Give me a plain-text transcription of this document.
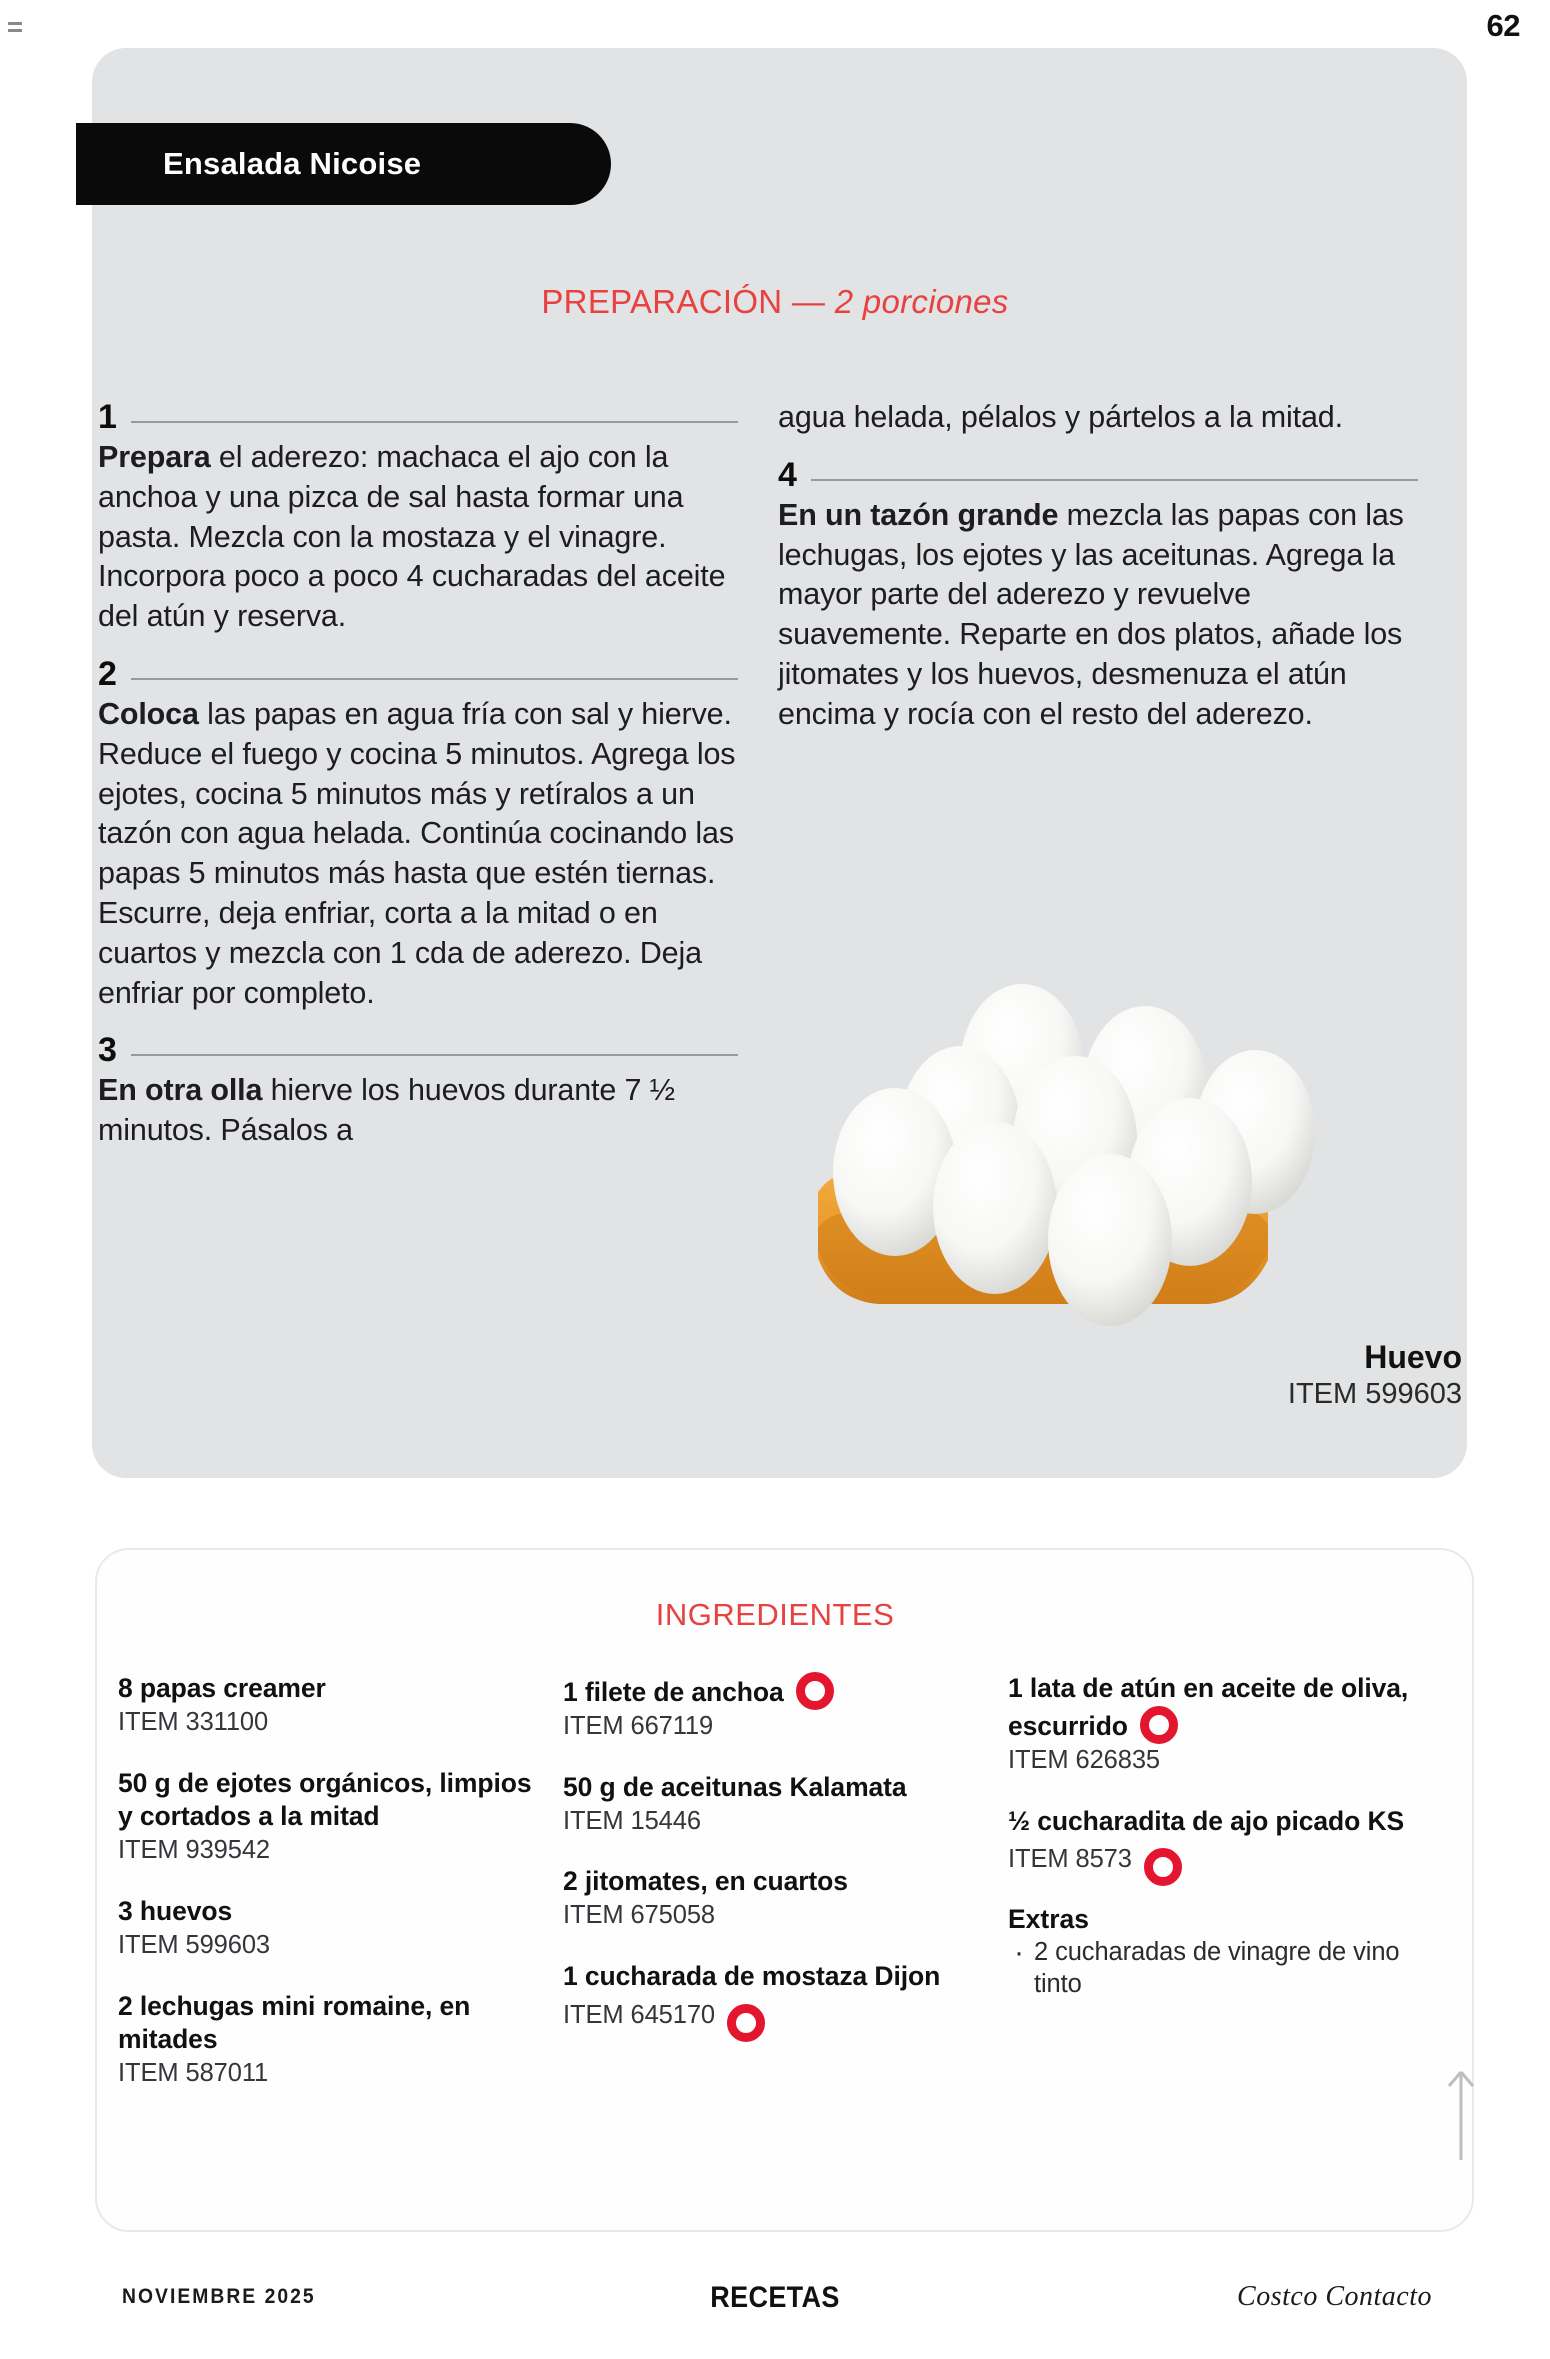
62
Ensalada Nicoise
PREPARACIÓN — 2 porciones
1

Prepara el aderezo: machaca el ajo con la anchoa y una pizca de sal hasta formar una pasta. Mezcla con la mostaza y el vinagre. Incorpora poco a poco 4 cucharadas del aceite del atún y reserva.

2

Coloca las papas en agua fría con sal y hierve. Reduce el fuego y cocina 5 minutos. Agrega los ejotes, cocina 5 minutos más y retíralos a un tazón con agua helada. Continúa cocinando las papas 5 minutos más hasta que estén tiernas. Escurre, deja enfriar, corta a la mitad o en cuartos y mezcla con 1 cda de aderezo. Deja enfriar por completo.

3

En otra olla hierve los huevos durante 7 ½ minutos. Pásalos a

agua helada, pélalos y pártelos a la mitad.

4

En un tazón grande mezcla las papas con las lechugas, los ejotes y las aceitunas. Agrega la mayor parte del aderezo y revuelve suavemente. Reparte en dos platos, añade los jitomates y los huevos, desmenuza el atún encima y rocía con el resto del aderezo.

Huevo
ITEM 599603
INGREDIENTES
8 papas creamer
ITEM 331100
50 g de ejotes orgánicos, limpios y cortados a la mitad
ITEM 939542
3 huevos
ITEM 599603
2 lechugas mini romaine, en mitades
ITEM 587011
1 filete de anchoa
ITEM 667119
50 g de aceitunas Kalamata
ITEM 15446
2 jitomates, en cuartos
ITEM 675058
1 cucharada de mostaza Dijon
ITEM 645170
1 lata de atún en aceite de oliva, escurrido
ITEM 626835
½ cucharadita de ajo picado KS
ITEM 8573
Extras
· 2 cucharadas de vinagre de vino tinto
NOVIEMBRE 2025	RECETAS	Costco Contacto
